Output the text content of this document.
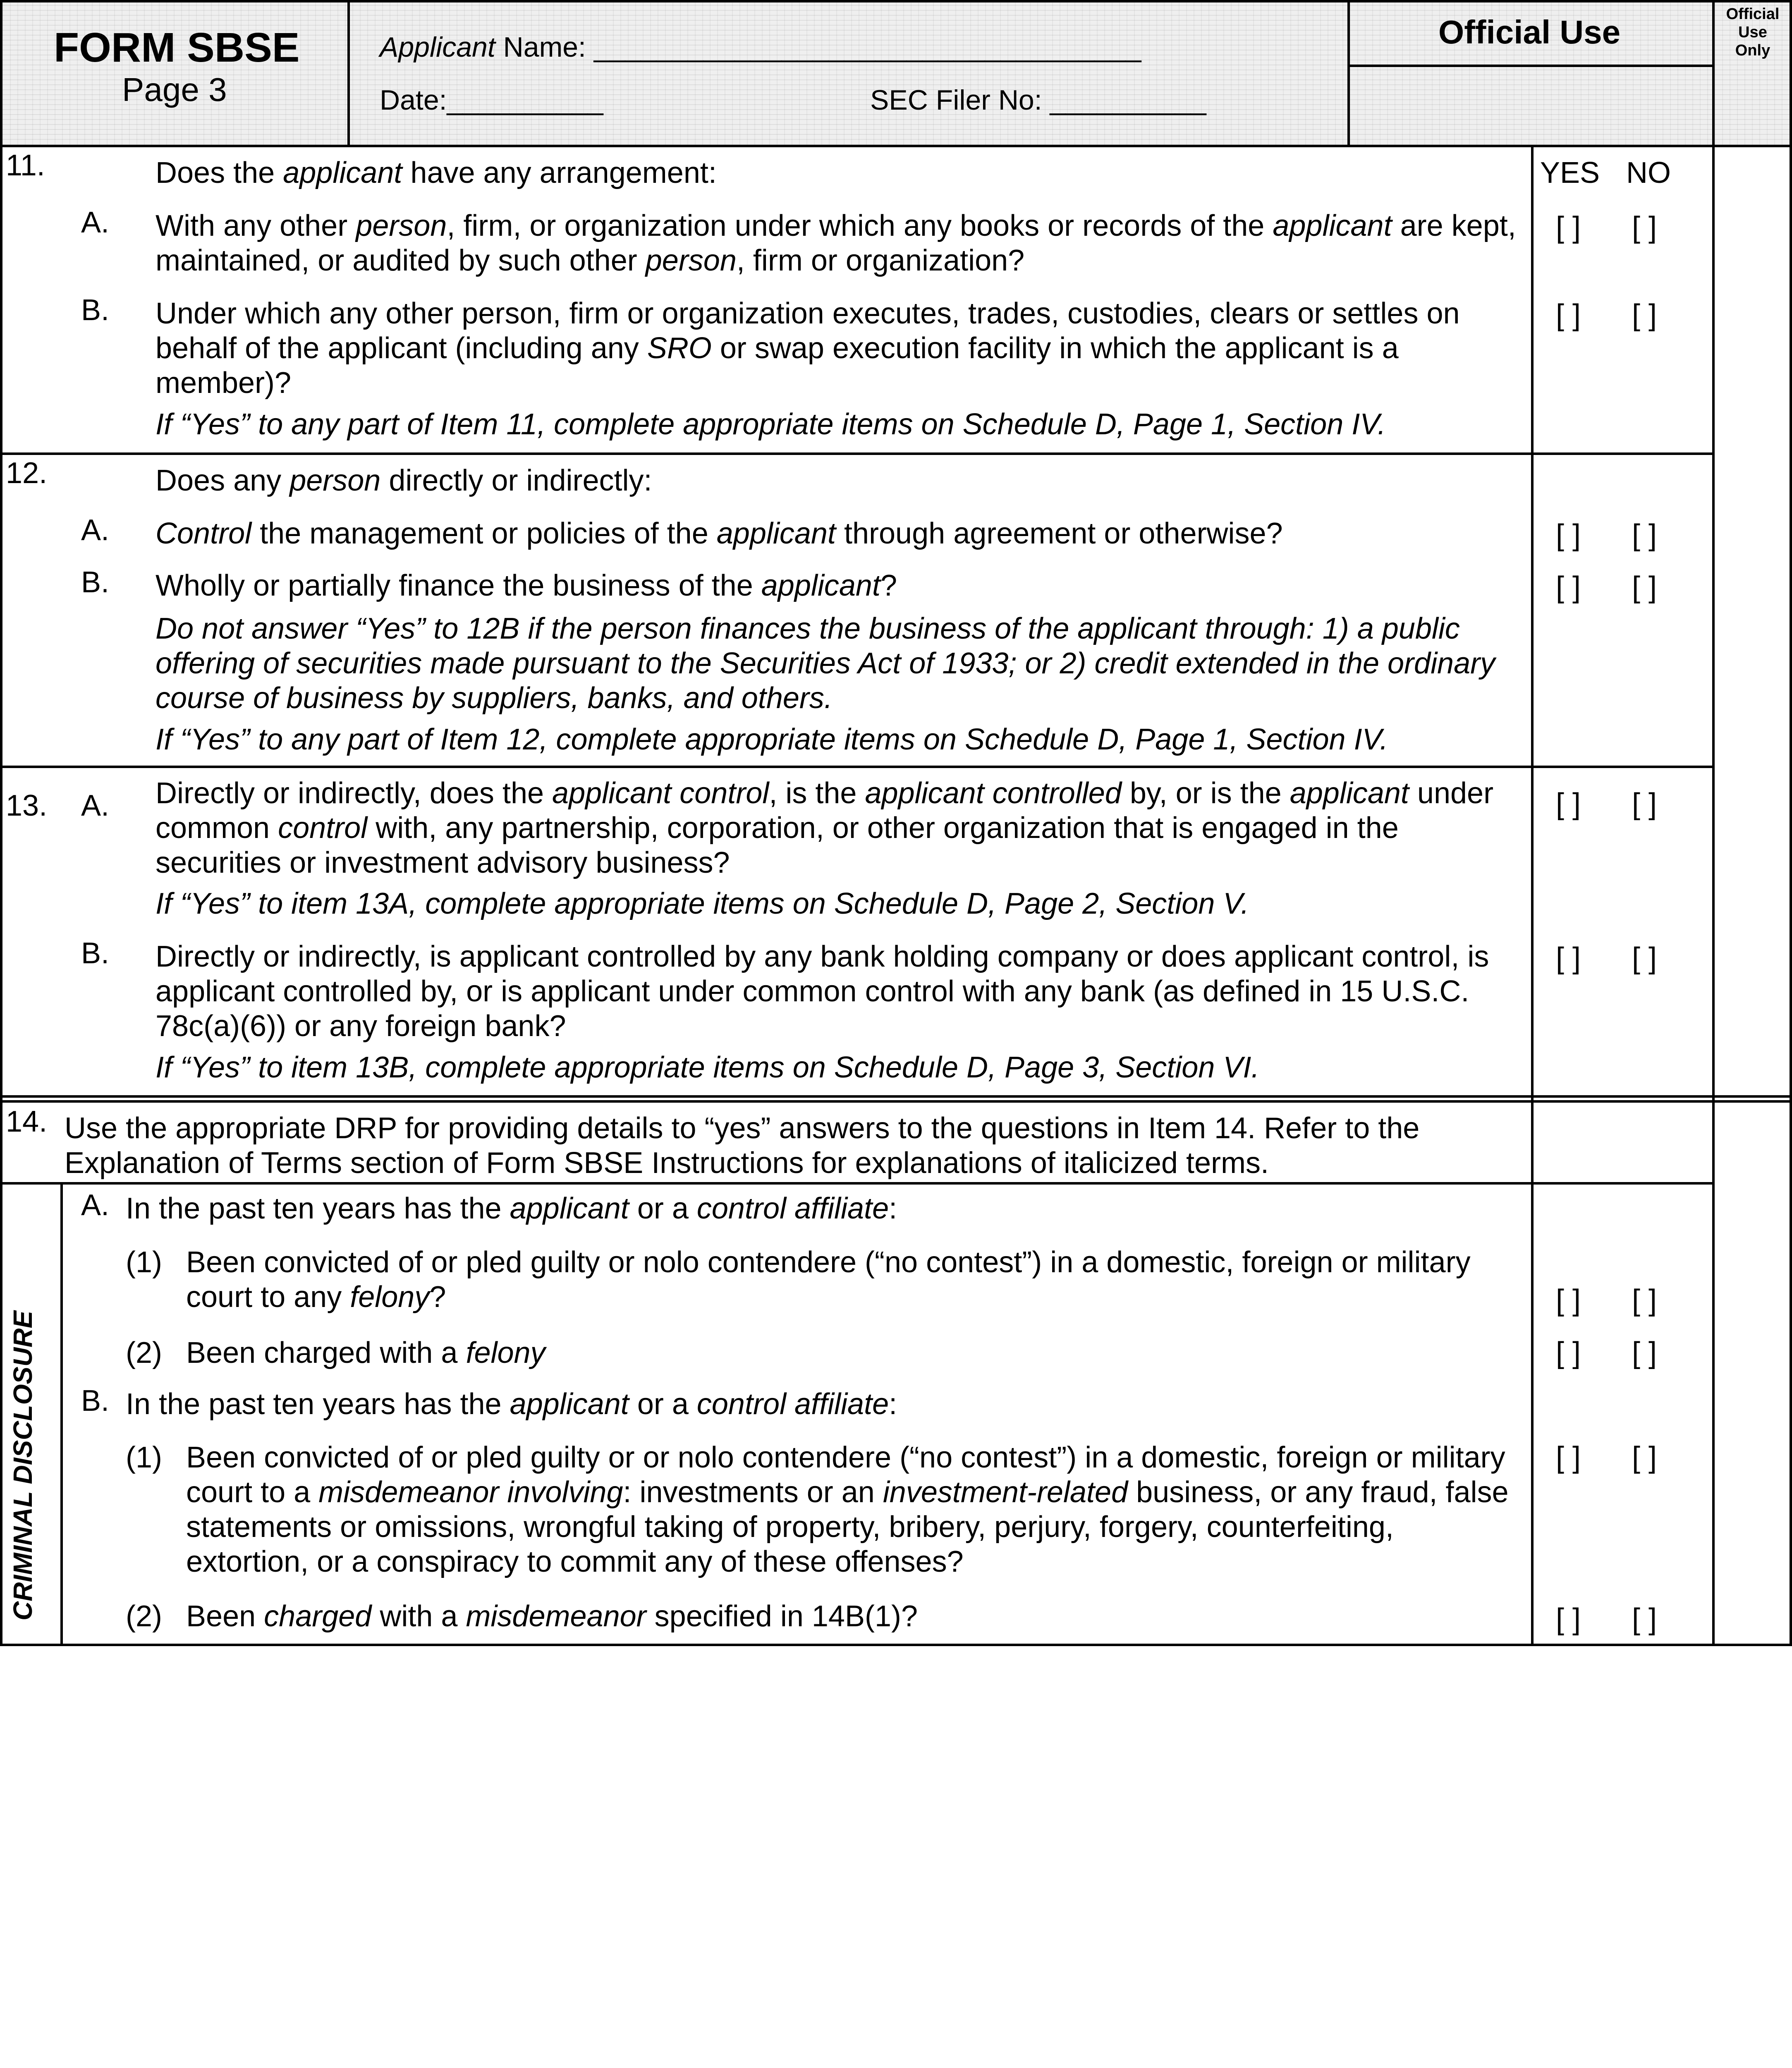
FORM SBSE
Page 3
Applicant Name: ___________________________________
Date:__________	SEC Filer No: __________
Official Use	Official
Use
Only
YES NO
11.	Does the applicant have any arrangement:
A. With any other person, firm, or organization under which any books or records of the applicant are kept, maintained, or audited by such other person, firm or organization?
[ ] [ ]
B. Under which any other person, firm or organization executes, trades, custodies, clears or settles on behalf of the applicant (including any SRO or swap execution facility in which the applicant is a member)?
[ ] [ ]
If “Yes” to any part of Item 11, complete appropriate items on Schedule D, Page 1, Section IV.
12.	Does any person directly or indirectly:
A. Control the management or policies of the applicant through agreement or otherwise?	[ ] [ ]
B. Wholly or partially finance the business of the applicant?	[ ] [ ]
Do not answer “Yes” to 12B if the person finances the business of the applicant through: 1) a public offering of securities made pursuant to the Securities Act of 1933; or 2) credit extended in the ordinary course of business by suppliers, banks, and others.
If “Yes” to any part of Item 12, complete appropriate items on Schedule D, Page 1, Section IV.
13. A. Directly or indirectly, does the applicant control, is the applicant controlled by, or is the applicant under common control with, any partnership, corporation, or other organization that is engaged in the securities or investment advisory business?
[ ] [ ]
If “Yes” to item 13A, complete appropriate items on Schedule D, Page 2, Section V.
B. Directly or indirectly, is applicant controlled by any bank holding company or does applicant control, is applicant controlled by, or is applicant under common control with any bank (as defined in 15 U.S.C. 78c(a)(6)) or any foreign bank?
[ ] [ ]
If “Yes” to item 13B, complete appropriate items on Schedule D, Page 3, Section VI.
14. Use the appropriate DRP for providing details to “yes” answers to the questions in Item 14. Refer to the Explanation of Terms section of Form SBSE Instructions for explanations of italicized terms.
CRIMINAL DISCLOSURE
A. In the past ten years has the applicant or a control affiliate:
(1) Been convicted of or pled guilty or nolo contendere (“no contest”) in a domestic, foreign or military court to any felony?	[ ] [ ]
(2) Been charged with a felony	[ ] [ ]
B. In the past ten years has the applicant or a control affiliate:
(1) Been convicted of or pled guilty or or nolo contendere (“no contest”) in a domestic, foreign or military court to a misdemeanor involving: investments or an investment-related business, or any fraud, false statements or omissions, wrongful taking of property, bribery, perjury, forgery, counterfeiting, extortion, or a conspiracy to commit any of these offenses?
[ ] [ ]
(2) Been charged with a misdemeanor specified in 14B(1)?	[ ] [ ]
